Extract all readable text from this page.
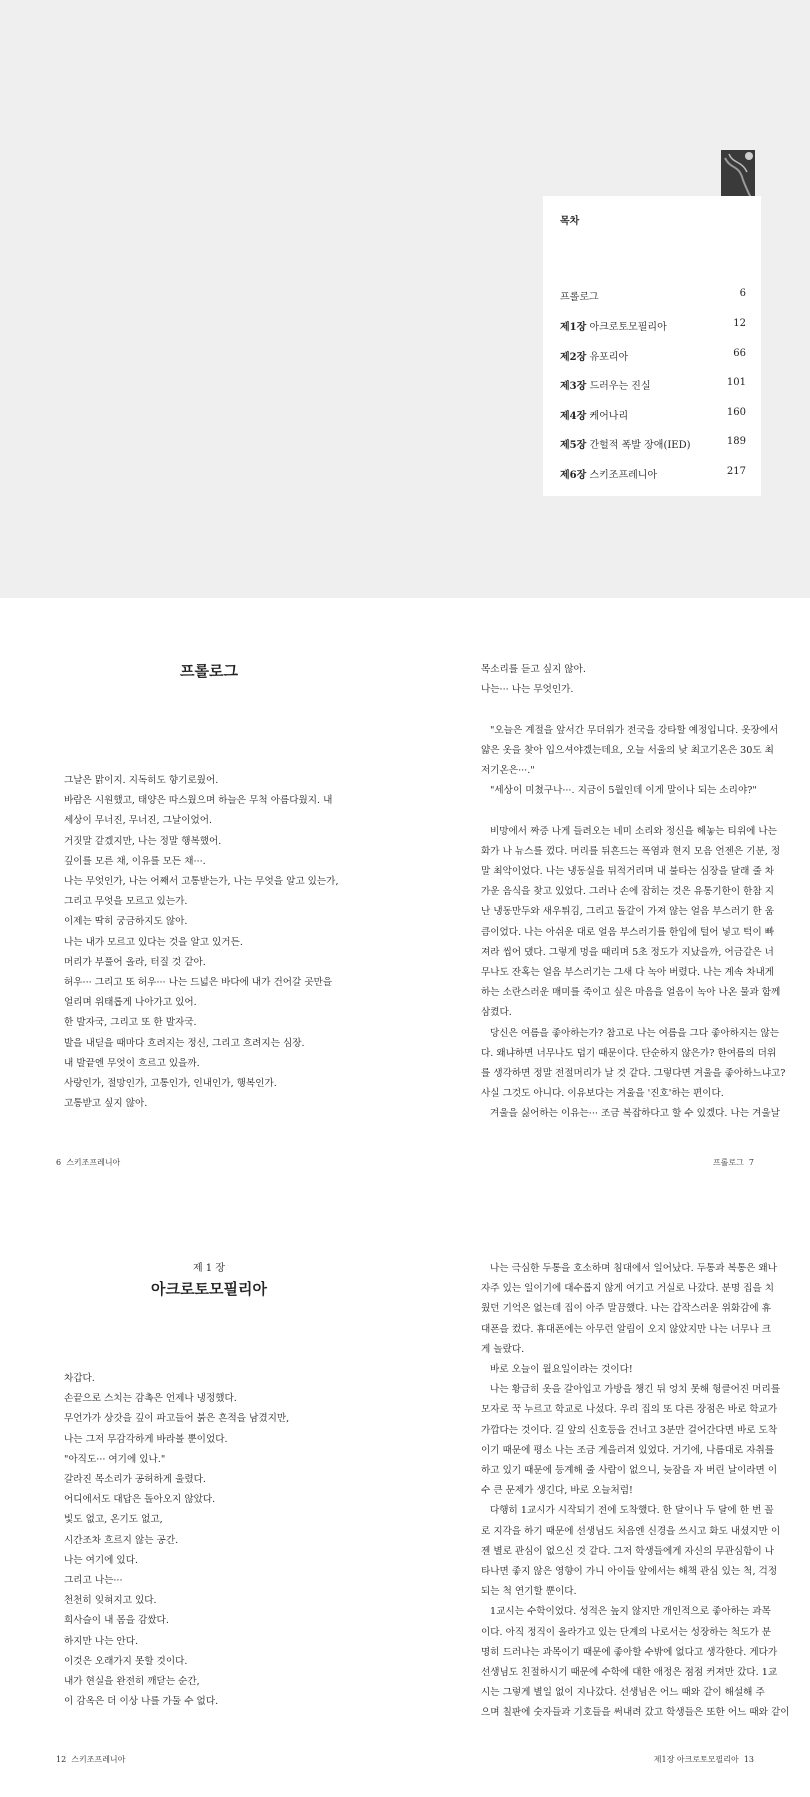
목차
프롤로그	6
제1장 아크로토모필리아	12
제2장 유포리아	66
제3장 드러우는 진실	101
제4장 케어나리	160
제5장 간헐적 폭발 장애(IED)	189
제6장 스키조프레니아	217
프롤로그
그날은 맑이지. 지독히도 향기로웠어.
바람은 시원했고, 태양은 따스웠으며 하늘은 무척 아름다웠지. 내
세상이 무너진, 무너진, 그날이었어.
거짓말 같겠지만, 나는 정말 행복했어.
깊이를 모른 채, 이유를 모든 채···.
나는 무엇인가, 나는 어째서 고통받는가, 나는 무엇을 알고 있는가,
그리고 무엇을 모르고 있는가.
이제는 딱히 궁금하지도 않아.
나는 내가 모르고 있다는 것을 알고 있거든.
머리가 부풀어 올라, 터질 것 같아.
허우··· 그리고 또 허우··· 나는 드넓은 바다에 내가 건어갈 곳만을
얼리며 위태롭게 나아가고 있어.
한 발자국, 그리고 또 한 발자국.
발을 내딛을 때마다 흐려지는 정신, 그리고 흐려지는 심장.
내 발끝엔 무엇이 흐르고 있을까.
사랑인가, 절망인가, 고통인가, 인내인가, 행복인가.
고통받고 싶지 않아.
목소리를 듣고 싶지 않아.
나는··· 나는 무엇인가.

"오늘은 계절을 앞서간 무더위가 전국을 강타할 예정입니다. 옷장에서
얇은 옷을 찾아 입으셔야겠는데요, 오늘 서울의 낮 최고기온은 30도 최
저기온은···."
"세상이 미쳤구나···. 지금이 5월인데 이게 말이나 되는 소리야?"

비망에서 짜증 나게 들려오는 네미 소리와 정신을 헤놓는 티위에 나는
화가 나 뉴스를 껐다. 머리를 뒤흔드는 폭염과 현지 모음 언젠은 기분, 정
말 최악이었다. 나는 냉동실을 뒤적거리며 내 불타는 심장을 달래 줄 차
가운 음식을 찾고 있었다. 그러나 손에 잡히는 것은 유통기한이 한참 지
난 냉동만두와 새우튀김, 그리고 돌같이 가져 않는 얼음 부스러기 한 움
큼이었다. 나는 아쉬운 대로 얼음 부스러기를 한입에 털어 넣고 턱이 빠
져라 씹어 댔다. 그렇게 멍을 때리며 5초 정도가 지났을까, 어금같은 너
무나도 잔혹는 얼음 부스러기는 그새 다 녹아 버렸다. 나는 계속 차내게
하는 소란스러운 매미를 죽이고 싶은 마음을 얼음이 녹아 나온 물과 함께
삼켰다.
당신은 여름을 좋아하는가? 참고로 나는 여름을 그다 좋아하지는 않는
다. 왜냐하면 너무나도 덥기 때문이다. 단순하지 않은가? 한여름의 더위
를 생각하면 정말 전절머리가 날 것 같다. 그렇다면 겨울을 좋아하느냐고?
사실 그것도 아니다. 이유보다는 겨울을 '진호'하는 편이다.
겨울을 싫어하는 이유는··· 조금 복잡하다고 할 수 있겠다. 나는 겨울날
6 스키조프레니아	프롤로그 7
제 1 장
아크로토모필리아
차갑다.
손끝으로 스치는 감촉은 언제나 냉정했다.
무언가가 상갓을 깊이 파고들어 붉은 흔적을 남겼지만,
나는 그저 무감각하게 바라볼 뿐이었다.
"아직도··· 여기에 있나."
갈라진 목소리가 공허하게 울렸다.
어디에서도 대답은 돌아오지 않았다.
빛도 없고, 온기도 없고,
시간조차 흐르지 않는 공간.
나는 여기에 있다.
그리고 나는···
천천히 잊혀지고 있다.
희사슬이 내 몸을 감쌌다.
하지만 나는 안다.
이것은 오래가지 못할 것이다.
내가 현실을 완전히 깨닫는 순간,
이 감옥은 더 이상 나를 가둘 수 없다.
나는 극심한 두통을 호소하며 침대에서 일어났다. 두통과 복통은 왜나
자주 있는 일이기에 대수롭지 않게 여기고 거실로 나갔다. 분명 집을 치
웠던 기억은 없는데 집이 아주 말끔했다. 나는 갑작스러운 위화감에 휴
대폰을 컸다. 휴대폰에는 아무런 알림이 오지 않았지만 나는 너무나 크
게 놀랐다.
바로 오늘이 월요일이라는 것이다!
나는 황급히 옷을 갈아입고 가방을 챙긴 뒤 엉치 못해 헝클어진 머리를
모자로 꾹 누르고 학교로 나섰다. 우리 집의 또 다른 장점은 바로 학교가
가깝다는 것이다. 길 앞의 신호등을 건너고 3분만 걸어간다면 바로 도착
이기 때문에 평소 나는 조금 게을러져 있었다. 거기에, 나름대로 자취를
하고 있기 때문에 등계해 줄 사람이 없으니, 늦잠을 자 버린 날이라면 이
수 큰 문제가 생긴다, 바로 오늘처럼!
다행히 1교시가 시작되기 전에 도착했다. 한 달이나 두 달에 한 번 꼴
로 지각을 하기 때문에 선생님도 처음엔 신경을 쓰시고 화도 내셨지만 이
젠 별로 관심이 없으신 것 같다. 그저 학생들에게 자신의 무관심함이 나
타나면 좋지 않은 영향이 가니 아이들 앞에서는 해책 관심 있는 척, 걱정
되는 척 연기할 뿐이다.
1교시는 수학이었다. 성적은 높지 않지만 개인적으로 좋아하는 과목
이다. 아직 정직이 올라가고 있는 단계의 나로서는 성장하는 척도가 분
명히 드러나는 과목이기 때문에 좋아할 수밖에 없다고 생각한다. 게다가
선생님도 친절하시기 때문에 수학에 대한 애정은 점점 커져만 갔다. 1교
시는 그렇게 별일 없이 지나갔다. 선생님은 어느 때와 같이 해설해 주
으며 칠판에 숫자들과 기호들을 써내려 갔고 학생들은 또한 어느 때와 같이
12 스키조프레니아	제1장 아크로토모필리아 13
